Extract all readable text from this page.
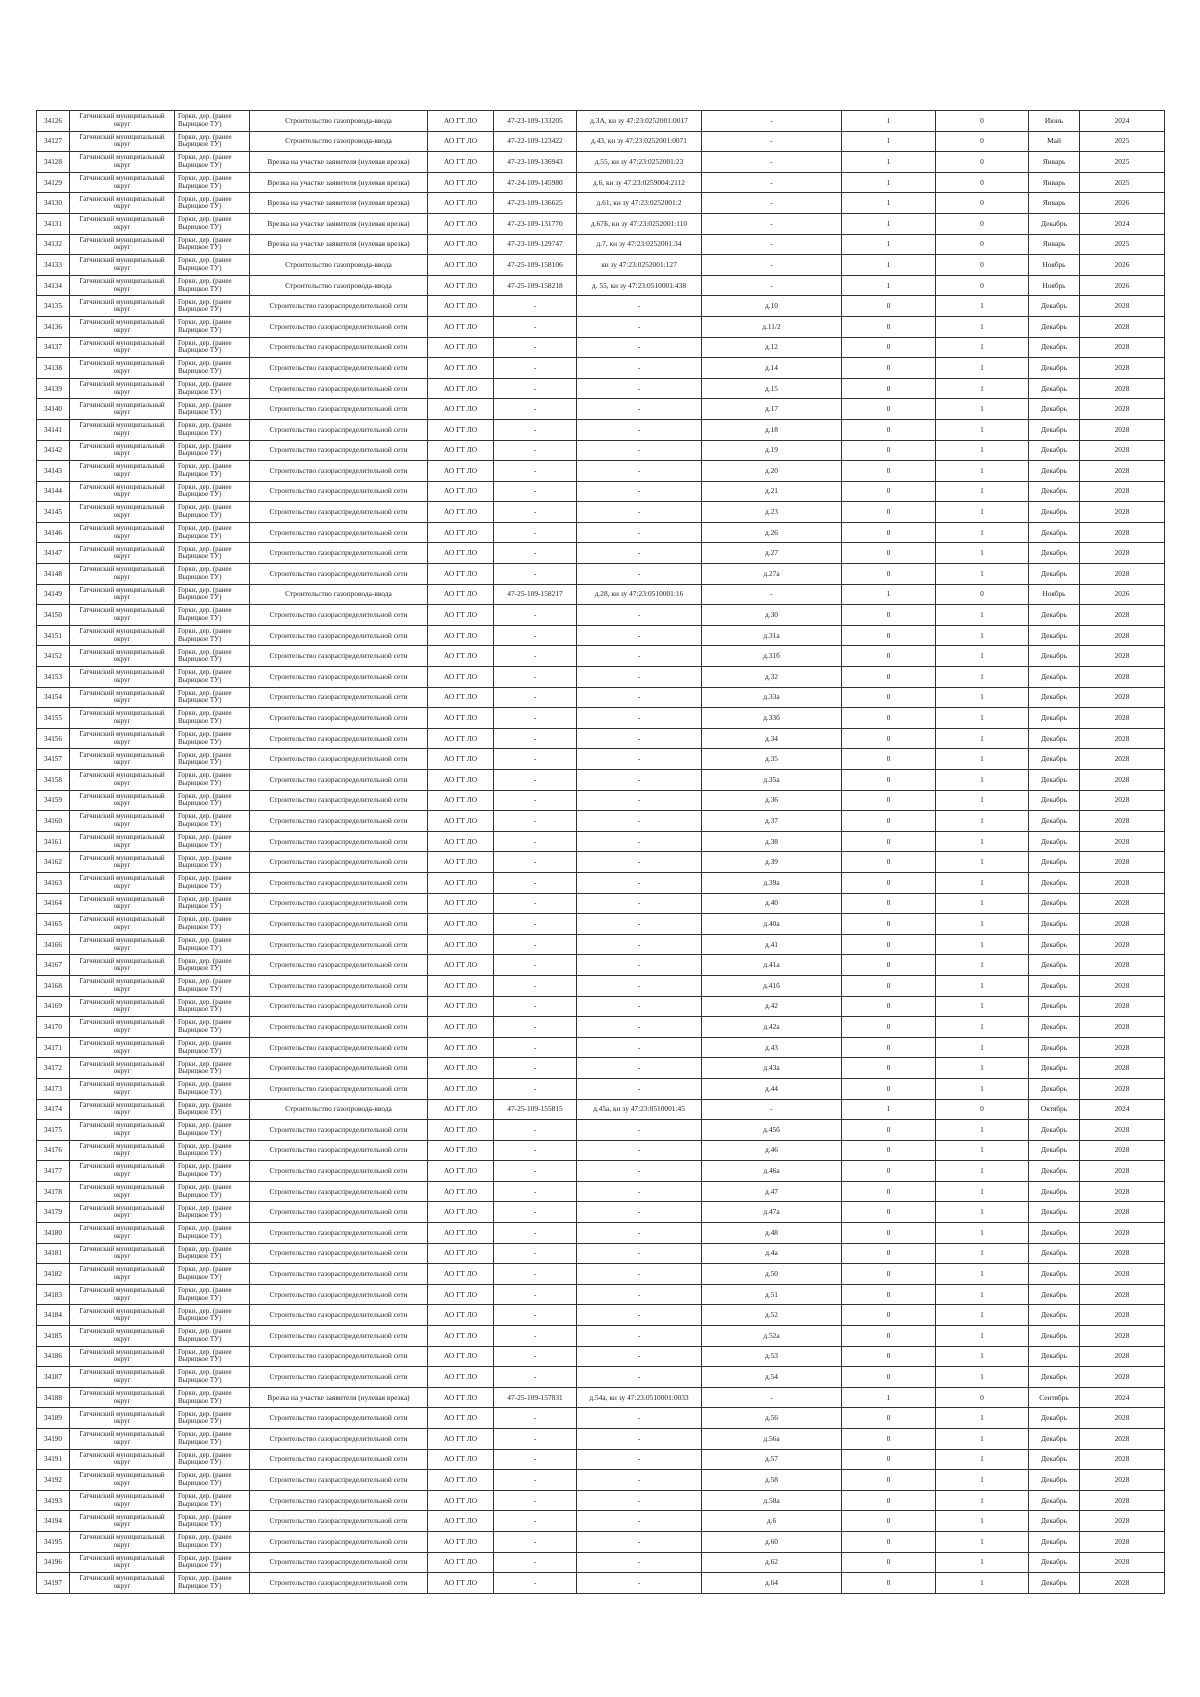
34126	Гатчинский муниципальный округ	Горки, дер. (ранее Вырицкое ТУ)	Строительство газопровода-ввода	АО ГТ ЛО	47-23-109-133205	д.3А, кн зу 47:23:0252001:0017	-	1	0	Июнь	2024
34127	Гатчинский муниципальный округ	Горки, дер. (ранее Вырицкое ТУ)	Строительство газопровода-ввода	АО ГТ ЛО	47-22-109-123422	д.43, кн зу 47:23:0252001:0071	-	1	0	Май	2025
34128	Гатчинский муниципальный округ	Горки, дер. (ранее Вырицкое ТУ)	Врезка на участке заявителя (нулевая врезка)	АО ГТ ЛО	47-23-109-136943	д.55, кн зу 47:23:0252001:23	-	1	0	Январь	2025
34129	Гатчинский муниципальный округ	Горки, дер. (ранее Вырицкое ТУ)	Врезка на участке заявителя (нулевая врезка)	АО ГТ ЛО	47-24-109-145980	д.6, кн зу 47:23:0259004:2112	-	1	0	Январь	2025
34130	Гатчинский муниципальный округ	Горки, дер. (ранее Вырицкое ТУ)	Врезка на участке заявителя (нулевая врезка)	АО ГТ ЛО	47-23-109-136625	д.61, кн зу 47:23:0252001:2	-	1	0	Январь	2026
34131	Гатчинский муниципальный округ	Горки, дер. (ранее Вырицкое ТУ)	Врезка на участке заявителя (нулевая врезка)	АО ГТ ЛО	47-23-109-131770	д.67Б, кн зу 47:23:0252001:110	-	1	0	Декабрь	2024
34132	Гатчинский муниципальный округ	Горки, дер. (ранее Вырицкое ТУ)	Врезка на участке заявителя (нулевая врезка)	АО ГТ ЛО	47-23-109-129747	д.7, кн зу 47:23:0252001:34	-	1	0	Январь	2025
34133	Гатчинский муниципальный округ	Горки, дер. (ранее Вырицкое ТУ)	Строительство газопровода-ввода	АО ГТ ЛО	47-25-109-158106	кн зу 47:23:0252001:127	-	1	0	Ноябрь	2026
34134	Гатчинский муниципальный округ	Горки, дер. (ранее Вырицкое ТУ)	Строительство газопровода-ввода	АО ГТ ЛО	47-25-109-158218	д. 55, кн зу 47:23:0510001:438	-	1	0	Ноябрь	2026
34135	Гатчинский муниципальный округ	Горки, дер. (ранее Вырицкое ТУ)	Строительство газораспределительной сети	АО ГТ ЛО	-	-	д.10	0	1	Декабрь	2028
34136	Гатчинский муниципальный округ	Горки, дер. (ранее Вырицкое ТУ)	Строительство газораспределительной сети	АО ГТ ЛО	-	-	д.11/2	0	1	Декабрь	2028
34137	Гатчинский муниципальный округ	Горки, дер. (ранее Вырицкое ТУ)	Строительство газораспределительной сети	АО ГТ ЛО	-	-	д.12	0	1	Декабрь	2028
34138	Гатчинский муниципальный округ	Горки, дер. (ранее Вырицкое ТУ)	Строительство газораспределительной сети	АО ГТ ЛО	-	-	д.14	0	1	Декабрь	2028
34139	Гатчинский муниципальный округ	Горки, дер. (ранее Вырицкое ТУ)	Строительство газораспределительной сети	АО ГТ ЛО	-	-	д.15	0	1	Декабрь	2028
34140	Гатчинский муниципальный округ	Горки, дер. (ранее Вырицкое ТУ)	Строительство газораспределительной сети	АО ГТ ЛО	-	-	д.17	0	1	Декабрь	2028
34141	Гатчинский муниципальный округ	Горки, дер. (ранее Вырицкое ТУ)	Строительство газораспределительной сети	АО ГТ ЛО	-	-	д.18	0	1	Декабрь	2028
34142	Гатчинский муниципальный округ	Горки, дер. (ранее Вырицкое ТУ)	Строительство газораспределительной сети	АО ГТ ЛО	-	-	д.19	0	1	Декабрь	2028
34143	Гатчинский муниципальный округ	Горки, дер. (ранее Вырицкое ТУ)	Строительство газораспределительной сети	АО ГТ ЛО	-	-	д.20	0	1	Декабрь	2028
34144	Гатчинский муниципальный округ	Горки, дер. (ранее Вырицкое ТУ)	Строительство газораспределительной сети	АО ГТ ЛО	-	-	д.21	0	1	Декабрь	2028
34145	Гатчинский муниципальный округ	Горки, дер. (ранее Вырицкое ТУ)	Строительство газораспределительной сети	АО ГТ ЛО	-	-	д.23	0	1	Декабрь	2028
34146	Гатчинский муниципальный округ	Горки, дер. (ранее Вырицкое ТУ)	Строительство газораспределительной сети	АО ГТ ЛО	-	-	д.26	0	1	Декабрь	2028
34147	Гатчинский муниципальный округ	Горки, дер. (ранее Вырицкое ТУ)	Строительство газораспределительной сети	АО ГТ ЛО	-	-	д.27	0	1	Декабрь	2028
34148	Гатчинский муниципальный округ	Горки, дер. (ранее Вырицкое ТУ)	Строительство газораспределительной сети	АО ГТ ЛО	-	-	д.27а	0	1	Декабрь	2028
34149	Гатчинский муниципальный округ	Горки, дер. (ранее Вырицкое ТУ)	Строительство газопровода-ввода	АО ГТ ЛО	47-25-109-158217	д.28, кн зу 47:23:0510001:16	-	1	0	Ноябрь	2026
34150	Гатчинский муниципальный округ	Горки, дер. (ранее Вырицкое ТУ)	Строительство газораспределительной сети	АО ГТ ЛО	-	-	д.30	0	1	Декабрь	2028
34151	Гатчинский муниципальный округ	Горки, дер. (ранее Вырицкое ТУ)	Строительство газораспределительной сети	АО ГТ ЛО	-	-	д.31а	0	1	Декабрь	2028
34152	Гатчинский муниципальный округ	Горки, дер. (ранее Вырицкое ТУ)	Строительство газораспределительной сети	АО ГТ ЛО	-	-	д.31б	0	1	Декабрь	2028
34153	Гатчинский муниципальный округ	Горки, дер. (ранее Вырицкое ТУ)	Строительство газораспределительной сети	АО ГТ ЛО	-	-	д.32	0	1	Декабрь	2028
34154	Гатчинский муниципальный округ	Горки, дер. (ранее Вырицкое ТУ)	Строительство газораспределительной сети	АО ГТ ЛО	-	-	д.33а	0	1	Декабрь	2028
34155	Гатчинский муниципальный округ	Горки, дер. (ранее Вырицкое ТУ)	Строительство газораспределительной сети	АО ГТ ЛО	-	-	д.33б	0	1	Декабрь	2028
34156	Гатчинский муниципальный округ	Горки, дер. (ранее Вырицкое ТУ)	Строительство газораспределительной сети	АО ГТ ЛО	-	-	д.34	0	1	Декабрь	2028
34157	Гатчинский муниципальный округ	Горки, дер. (ранее Вырицкое ТУ)	Строительство газораспределительной сети	АО ГТ ЛО	-	-	д.35	0	1	Декабрь	2028
34158	Гатчинский муниципальный округ	Горки, дер. (ранее Вырицкое ТУ)	Строительство газораспределительной сети	АО ГТ ЛО	-	-	д.35а	0	1	Декабрь	2028
34159	Гатчинский муниципальный округ	Горки, дер. (ранее Вырицкое ТУ)	Строительство газораспределительной сети	АО ГТ ЛО	-	-	д.36	0	1	Декабрь	2028
34160	Гатчинский муниципальный округ	Горки, дер. (ранее Вырицкое ТУ)	Строительство газораспределительной сети	АО ГТ ЛО	-	-	д.37	0	1	Декабрь	2028
34161	Гатчинский муниципальный округ	Горки, дер. (ранее Вырицкое ТУ)	Строительство газораспределительной сети	АО ГТ ЛО	-	-	д.38	0	1	Декабрь	2028
34162	Гатчинский муниципальный округ	Горки, дер. (ранее Вырицкое ТУ)	Строительство газораспределительной сети	АО ГТ ЛО	-	-	д.39	0	1	Декабрь	2028
34163	Гатчинский муниципальный округ	Горки, дер. (ранее Вырицкое ТУ)	Строительство газораспределительной сети	АО ГТ ЛО	-	-	д.39а	0	1	Декабрь	2028
34164	Гатчинский муниципальный округ	Горки, дер. (ранее Вырицкое ТУ)	Строительство газораспределительной сети	АО ГТ ЛО	-	-	д.40	0	1	Декабрь	2028
34165	Гатчинский муниципальный округ	Горки, дер. (ранее Вырицкое ТУ)	Строительство газораспределительной сети	АО ГТ ЛО	-	-	д.40а	0	1	Декабрь	2028
34166	Гатчинский муниципальный округ	Горки, дер. (ранее Вырицкое ТУ)	Строительство газораспределительной сети	АО ГТ ЛО	-	-	д.41	0	1	Декабрь	2028
34167	Гатчинский муниципальный округ	Горки, дер. (ранее Вырицкое ТУ)	Строительство газораспределительной сети	АО ГТ ЛО	-	-	д.41а	0	1	Декабрь	2028
34168	Гатчинский муниципальный округ	Горки, дер. (ранее Вырицкое ТУ)	Строительство газораспределительной сети	АО ГТ ЛО	-	-	д.41б	0	1	Декабрь	2028
34169	Гатчинский муниципальный округ	Горки, дер. (ранее Вырицкое ТУ)	Строительство газораспределительной сети	АО ГТ ЛО	-	-	д.42	0	1	Декабрь	2028
34170	Гатчинский муниципальный округ	Горки, дер. (ранее Вырицкое ТУ)	Строительство газораспределительной сети	АО ГТ ЛО	-	-	д.42а	0	1	Декабрь	2028
34171	Гатчинский муниципальный округ	Горки, дер. (ранее Вырицкое ТУ)	Строительство газораспределительной сети	АО ГТ ЛО	-	-	д.43	0	1	Декабрь	2028
34172	Гатчинский муниципальный округ	Горки, дер. (ранее Вырицкое ТУ)	Строительство газораспределительной сети	АО ГТ ЛО	-	-	д.43а	0	1	Декабрь	2028
34173	Гатчинский муниципальный округ	Горки, дер. (ранее Вырицкое ТУ)	Строительство газораспределительной сети	АО ГТ ЛО	-	-	д.44	0	1	Декабрь	2028
34174	Гатчинский муниципальный округ	Горки, дер. (ранее Вырицкое ТУ)	Строительство газопровода-ввода	АО ГТ ЛО	47-25-109-155815	д.45а, кн зу 47:23:0510001:45	-	1	0	Октябрь	2024
34175	Гатчинский муниципальный округ	Горки, дер. (ранее Вырицкое ТУ)	Строительство газораспределительной сети	АО ГТ ЛО	-	-	д.45б	0	1	Декабрь	2028
34176	Гатчинский муниципальный округ	Горки, дер. (ранее Вырицкое ТУ)	Строительство газораспределительной сети	АО ГТ ЛО	-	-	д.46	0	1	Декабрь	2028
34177	Гатчинский муниципальный округ	Горки, дер. (ранее Вырицкое ТУ)	Строительство газораспределительной сети	АО ГТ ЛО	-	-	д.46а	0	1	Декабрь	2028
34178	Гатчинский муниципальный округ	Горки, дер. (ранее Вырицкое ТУ)	Строительство газораспределительной сети	АО ГТ ЛО	-	-	д.47	0	1	Декабрь	2028
34179	Гатчинский муниципальный округ	Горки, дер. (ранее Вырицкое ТУ)	Строительство газораспределительной сети	АО ГТ ЛО	-	-	д.47а	0	1	Декабрь	2028
34180	Гатчинский муниципальный округ	Горки, дер. (ранее Вырицкое ТУ)	Строительство газораспределительной сети	АО ГТ ЛО	-	-	д.48	0	1	Декабрь	2028
34181	Гатчинский муниципальный округ	Горки, дер. (ранее Вырицкое ТУ)	Строительство газораспределительной сети	АО ГТ ЛО	-	-	д.4а	0	1	Декабрь	2028
34182	Гатчинский муниципальный округ	Горки, дер. (ранее Вырицкое ТУ)	Строительство газораспределительной сети	АО ГТ ЛО	-	-	д.50	0	1	Декабрь	2028
34183	Гатчинский муниципальный округ	Горки, дер. (ранее Вырицкое ТУ)	Строительство газораспределительной сети	АО ГТ ЛО	-	-	д.51	0	1	Декабрь	2028
34184	Гатчинский муниципальный округ	Горки, дер. (ранее Вырицкое ТУ)	Строительство газораспределительной сети	АО ГТ ЛО	-	-	д.52	0	1	Декабрь	2028
34185	Гатчинский муниципальный округ	Горки, дер. (ранее Вырицкое ТУ)	Строительство газораспределительной сети	АО ГТ ЛО	-	-	д.52а	0	1	Декабрь	2028
34186	Гатчинский муниципальный округ	Горки, дер. (ранее Вырицкое ТУ)	Строительство газораспределительной сети	АО ГТ ЛО	-	-	д.53	0	1	Декабрь	2028
34187	Гатчинский муниципальный округ	Горки, дер. (ранее Вырицкое ТУ)	Строительство газораспределительной сети	АО ГТ ЛО	-	-	д.54	0	1	Декабрь	2028
34188	Гатчинский муниципальный округ	Горки, дер. (ранее Вырицкое ТУ)	Врезка на участке заявителя (нулевая врезка)	АО ГТ ЛО	47-25-109-157831	д.54а, кн зу 47:23:0510001:0033	-	1	0	Сентябрь	2024
34189	Гатчинский муниципальный округ	Горки, дер. (ранее Вырицкое ТУ)	Строительство газораспределительной сети	АО ГТ ЛО	-	-	д.56	0	1	Декабрь	2028
34190	Гатчинский муниципальный округ	Горки, дер. (ранее Вырицкое ТУ)	Строительство газораспределительной сети	АО ГТ ЛО	-	-	д.56а	0	1	Декабрь	2028
34191	Гатчинский муниципальный округ	Горки, дер. (ранее Вырицкое ТУ)	Строительство газораспределительной сети	АО ГТ ЛО	-	-	д.57	0	1	Декабрь	2028
34192	Гатчинский муниципальный округ	Горки, дер. (ранее Вырицкое ТУ)	Строительство газораспределительной сети	АО ГТ ЛО	-	-	д.58	0	1	Декабрь	2028
34193	Гатчинский муниципальный округ	Горки, дер. (ранее Вырицкое ТУ)	Строительство газораспределительной сети	АО ГТ ЛО	-	-	д.58а	0	1	Декабрь	2028
34194	Гатчинский муниципальный округ	Горки, дер. (ранее Вырицкое ТУ)	Строительство газораспределительной сети	АО ГТ ЛО	-	-	д.6	0	1	Декабрь	2028
34195	Гатчинский муниципальный округ	Горки, дер. (ранее Вырицкое ТУ)	Строительство газораспределительной сети	АО ГТ ЛО	-	-	д.60	0	1	Декабрь	2028
34196	Гатчинский муниципальный округ	Горки, дер. (ранее Вырицкое ТУ)	Строительство газораспределительной сети	АО ГТ ЛО	-	-	д.62	0	1	Декабрь	2028
34197	Гатчинский муниципальный округ	Горки, дер. (ранее Вырицкое ТУ)	Строительство газораспределительной сети	АО ГТ ЛО	-	-	д.64	0	1	Декабрь	2028
